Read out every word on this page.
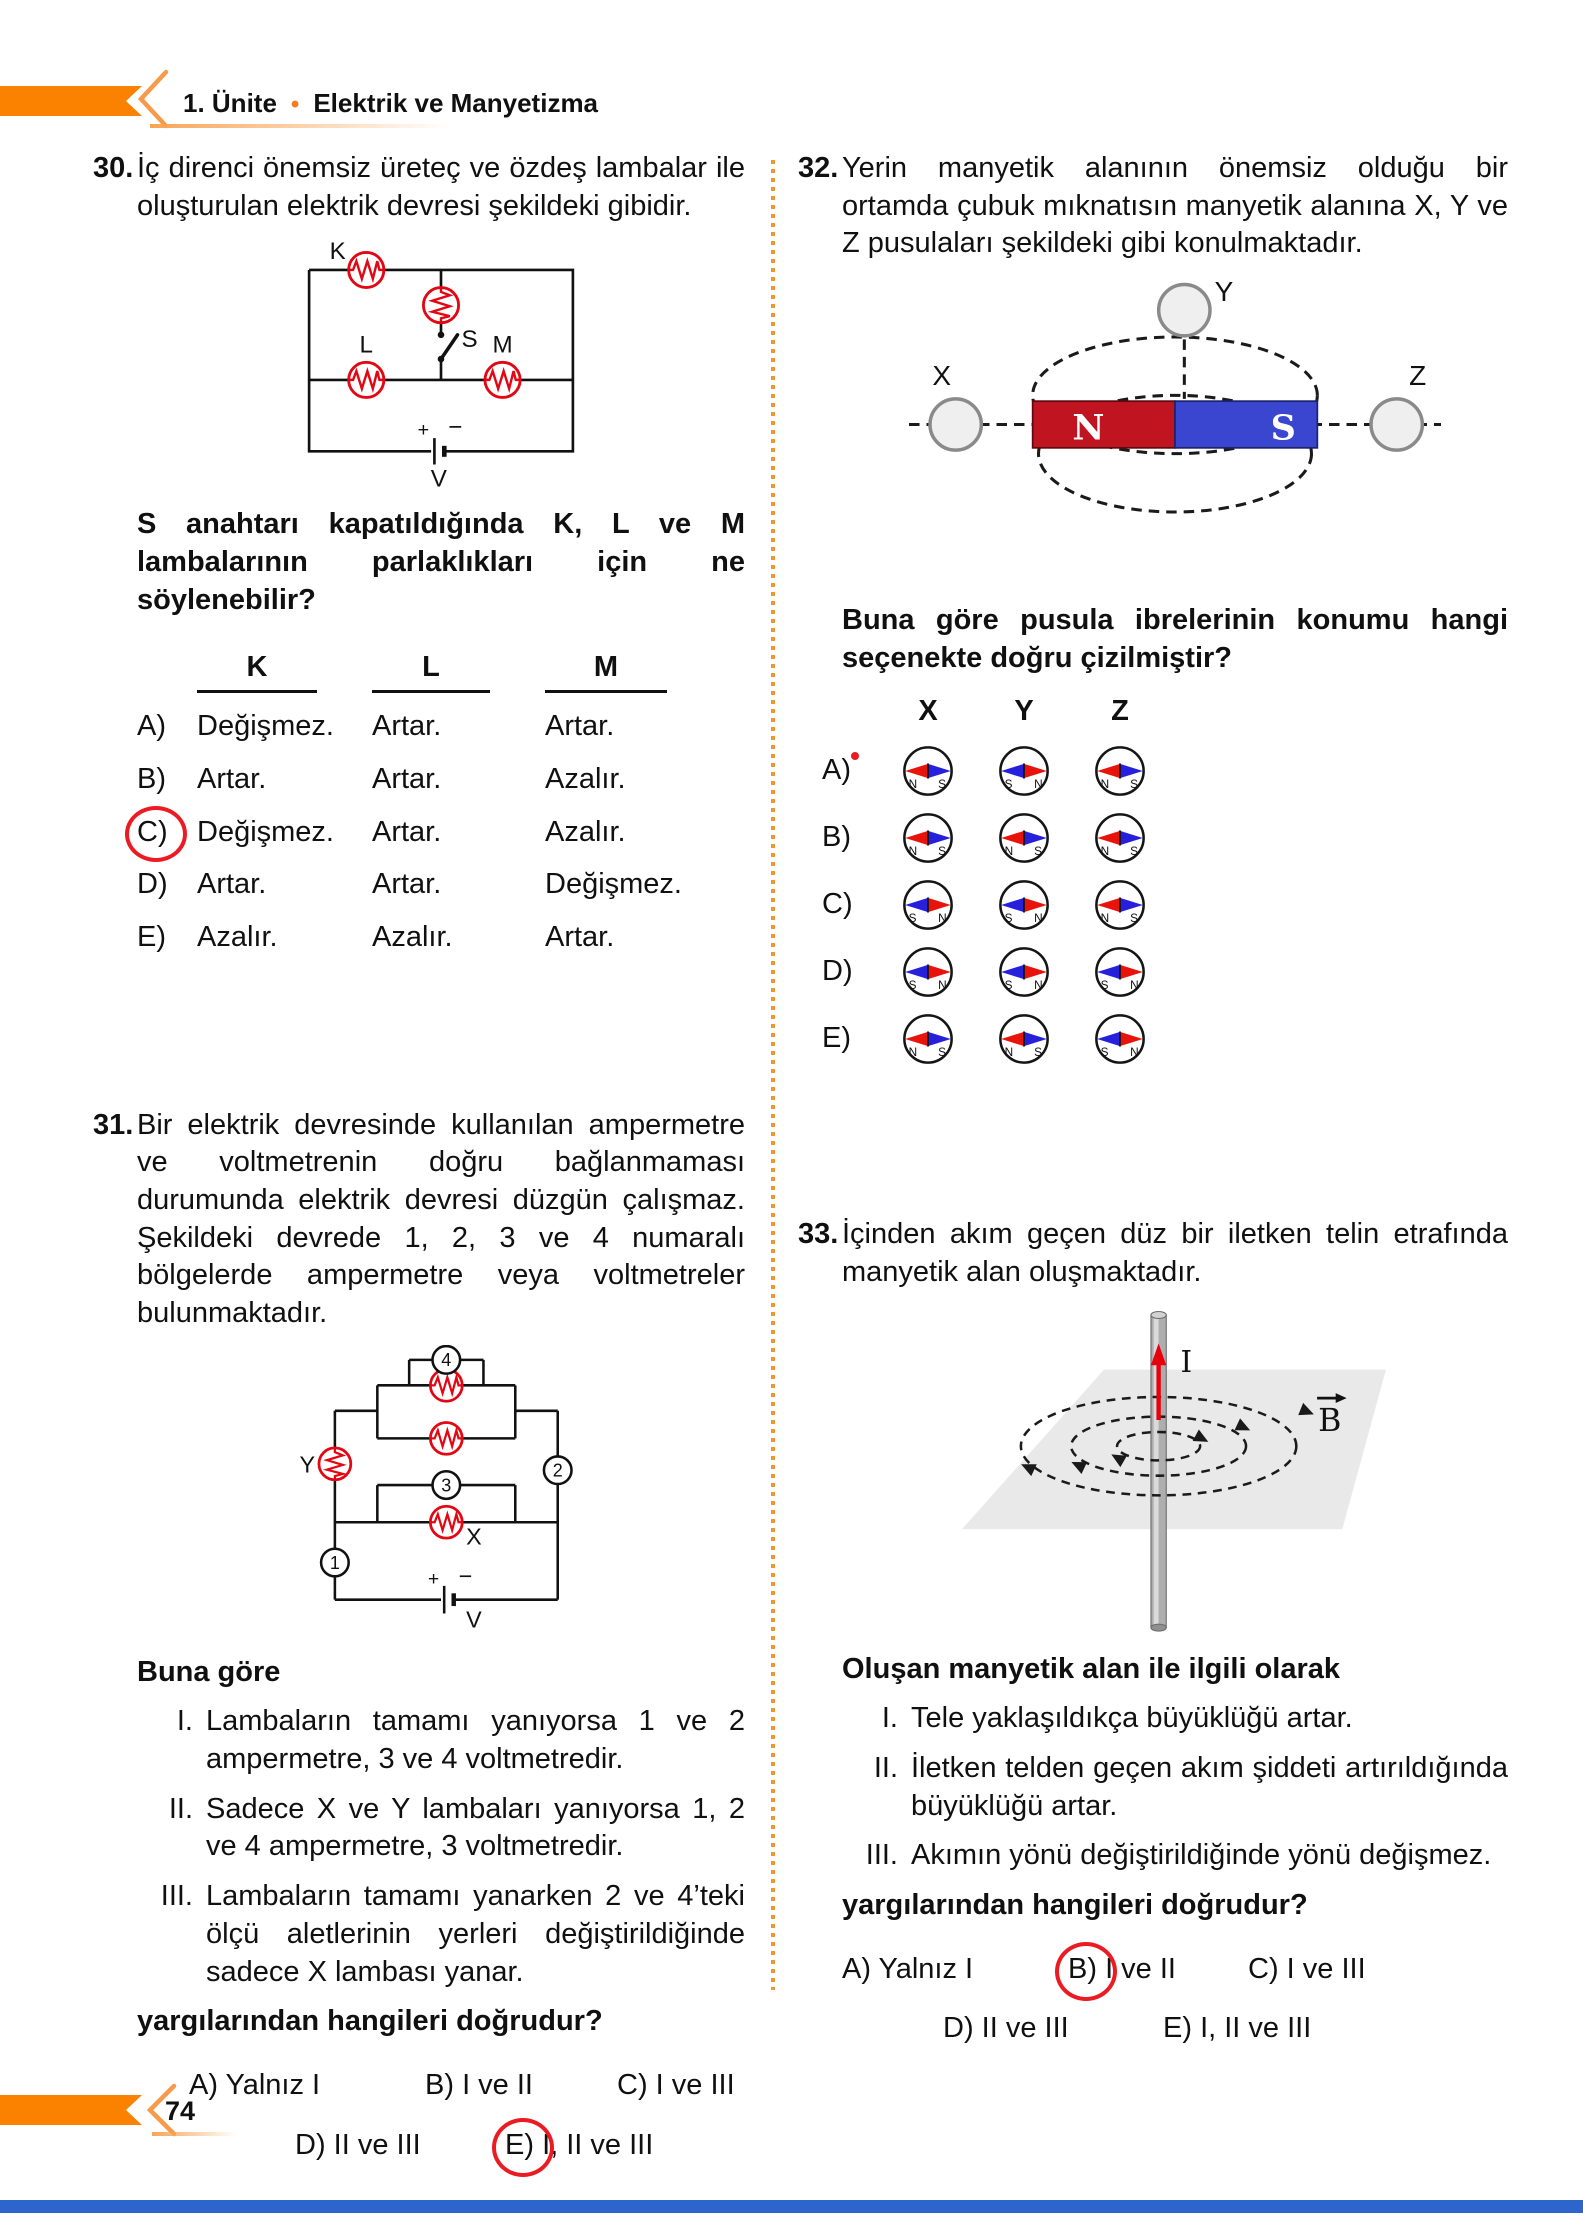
1. Ünite • Elektrik ve Manyetizma
30. İç direnci önemsiz üreteç ve özdeş lambalar ile oluşturulan elektrik devresi şekildeki gibidir.

K
L	M
S
+ −
V

S anahtarı kapatıldığında K, L ve M lambalarının parlaklıkları için ne söylenebilir?

K	L	M
A)	Değişmez.	Artar.	Artar.
B)	Artar.	Artar.	Azalır.
C)	Değişmez.	Artar.	Azalır.
D)	Artar.	Artar.	Değişmez.
E)	Azalır.	Azalır.	Artar.
31. Bir elektrik devresinde kullanılan ampermetre ve voltmetrenin doğru bağlanmaması durumunda elektrik devresi düzgün çalışmaz. Şekildeki devrede 1, 2, 3 ve 4 numaralı bölgelerde ampermetre veya voltmetreler bulunmaktadır.

4
2
3
1
Y
X
+ −
V

Buna göre

I. Lambaların tamamı yanıyorsa 1 ve 2 ampermetre, 3 ve 4 voltmetredir.
II. Sadece X ve Y lambaları yanıyorsa 1, 2 ve 4 ampermetre, 3 voltmetredir.
III. Lambaların tamamı yanarken 2 ve 4’teki ölçü aletlerinin yerleri değiştirildiğinde sadece X lambası yanar.

yargılarından hangileri doğrudur?

A) Yalnız I	B) I ve II	C) I ve III
D) II ve III	E) I, II ve III
32. Yerin manyetik alanının önemsiz olduğu bir ortamda çubuk mıknatısın manyetik alanına X, Y ve Z pusulaları şekildeki gibi konulmaktadır.

N	S
X
Y
Z

Buna göre pusula ibrelerinin konumu hangi seçenekte doğru çizilmiştir?

X	Y	Z
A)	N S	S N	N S
B)	N S	N S	N S
C)	S N	S N	N S
D)	S N	S N	S N
E)	N S	N S	S N
33. İçinden akım geçen düz bir iletken telin etrafında manyetik alan oluşmaktadır.

I
B

Oluşan manyetik alan ile ilgili olarak

I. Tele yaklaşıldıkça büyüklüğü artar.
II. İletken telden geçen akım şiddeti artırıldığında büyüklüğü artar.
III. Akımın yönü değiştirildiğinde yönü değişmez.

yargılarından hangileri doğrudur?

A) Yalnız I	B) I ve II	C) I ve III
D) II ve III	E) I, II ve III
74
